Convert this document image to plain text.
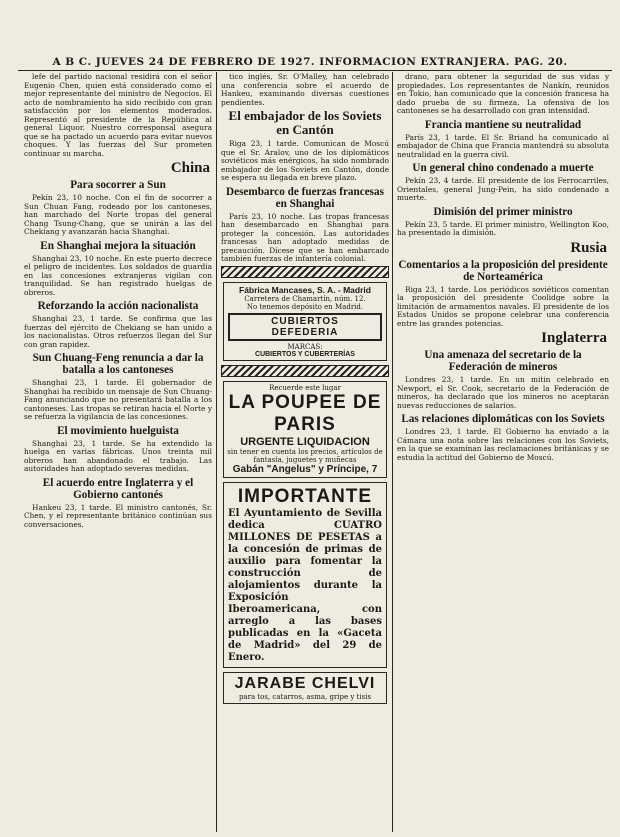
A B C. JUEVES 24 DE FEBRERO DE 1927. INFORMACION EXTRANJERA. PAG. 20.

lefe del partido nacional residirá con el señor Eugenio Chen, quien está considerado como el mejor representante del ministro de Negocios. El acto de nombramiento ha sido recibido con gran satisfacción por los elementos moderados. Representó al presidente de la República al general Liquor. Nuestro corresponsal asegura que se ha pactado un acuerdo para evitar nuevos choques. Y las fuerzas del Sur prometen continuar su marcha.

China
Para socorrer a Sun

Pekín 23, 10 noche. Con el fin de socorrer a Sun Chuan Fang, rodeado por los cantoneses, han marchado del Norte tropas del general Chang Tsung-Chang, que se unirán a las del Chekiang y avanzarán hacia Shanghai.

En Shanghai mejora la situación

Shanghai 23, 10 noche. En este puerto decrece el peligro de incidentes. Los soldados de guardia en las concesiones extranjeras vigilan con tranquilidad. Se han registrado huelgas de obreros.

Reforzando la acción nacionalista

Shanghai 23, 1 tarde. Se confirma que las fuerzas del ejército de Chekiang se han unido a los nacionalistas. Otros refuerzos llegan del Sur con gran rapidez.

Sun Chuang-Feng renuncia a dar la batalla a los cantoneses

Shanghai 23, 1 tarde. El gobernador de Shanghai ha recibido un mensaje de Sun Chuang-Fang anunciando que no presentará batalla a los cantoneses. Las tropas se retiran hacia el Norte y se refuerza la vigilancia de las concesiones.

El movimiento huelguista

Shanghai 23, 1 tarde. Se ha extendido la huelga en varias fábricas. Unos treinta mil obreros han abandonado el trabajo. Las autoridades han adoptado severas medidas.

El acuerdo entre Inglaterra y el Gobierno cantonés

Hankeu 23, 1 tarde. El ministro cantonés, Sr. Chen, y el representante británico continúan sus conversaciones.

tico inglés, Sr. O'Malley, han celebrado una conferencia sobre el acuerdo de Hankeu, examinando diversas cuestiones pendientes.

El embajador de los Soviets en Cantón

Riga 23, 1 tarde. Comunican de Moscú que el Sr. Aralov, uno de los diplomáticos soviéticos más enérgicos, ha sido nombrado embajador de los Soviets en Cantón, donde se espera su llegada en breve plazo.

Desembarco de fuerzas francesas en Shanghai

París 23, 10 noche. Las tropas francesas han desembarcado en Shanghai para proteger la concesión. Las autoridades francesas han adoptado medidas de precaución. Dícese que se han embarcado también fuerzas de infantería colonial.

Fábrica Mancases, S. A. - Madrid
Carretera de Chamartín, núm. 12.
No tenemos depósito en Madrid.
CUBIERTOS DEFEDERIA
MARCAS:
CUBIERTOS Y CUBERTERÍAS
Recuerde este lugar
LA POUPEE DE PARIS
URGENTE LIQUIDACION
sin tener en cuenta los precios, artículos de fantasía, juguetes y muñecas
Gabán "Angelus" y Príncipe, 7
IMPORTANTE
El Ayuntamiento de Sevilla dedica CUATRO MILLONES DE PESETAS a la concesión de primas de auxilio para fomentar la construcción de alojamientos durante la Exposición Iberoamericana, con arreglo a las bases publicadas en la «Gaceta de Madrid» del 29 de Enero.
JARABE CHELVI
para tos, catarros, asma, gripe y tisis

drano, para obtener la seguridad de sus vidas y propiedades. Los representantes de Nankín, reunidos en Tokio, han comunicado que la concesión francesa ha dado prueba de su firmeza. La ofensiva de los cantoneses se ha desarrollado con gran intensidad.

Francia mantiene su neutralidad

París 23, 1 tarde. El Sr. Briand ha comunicado al embajador de China que Francia mantendrá su absoluta neutralidad en la guerra civil.

Un general chino condenado a muerte

Pekín 23, 4 tarde. El presidente de los Ferrocarriles, Orientales, general Jung-Pein, ha sido condenado a muerte.

Dimisión del primer ministro

Pekín 23, 5 tarde. El primer ministro, Wellington Koo, ha presentado la dimisión.

Rusia
Comentarios a la proposición del presidente de Norteamérica

Riga 23, 1 tarde. Los periódicos soviéticos comentan la proposición del presidente Coolidge sobre la limitación de armamentos navales. El presidente de los Estados Unidos se propone celebrar una conferencia entre las grandes potencias.

Inglaterra
Una amenaza del secretario de la Federación de mineros

Londres 23, 1 tarde. En un mitin celebrado en Newport, el Sr. Cook, secretario de la Federación de mineros, ha declarado que los mineros no aceptarán nuevas reducciones de salarios.

Las relaciones diplomáticas con los Soviets

Londres 23, 1 tarde. El Gobierno ha enviado a la Cámara una nota sobre las relaciones con los Soviets, en la que se examinan las reclamaciones británicas y se estudia la actitud del Gobierno de Moscú.
